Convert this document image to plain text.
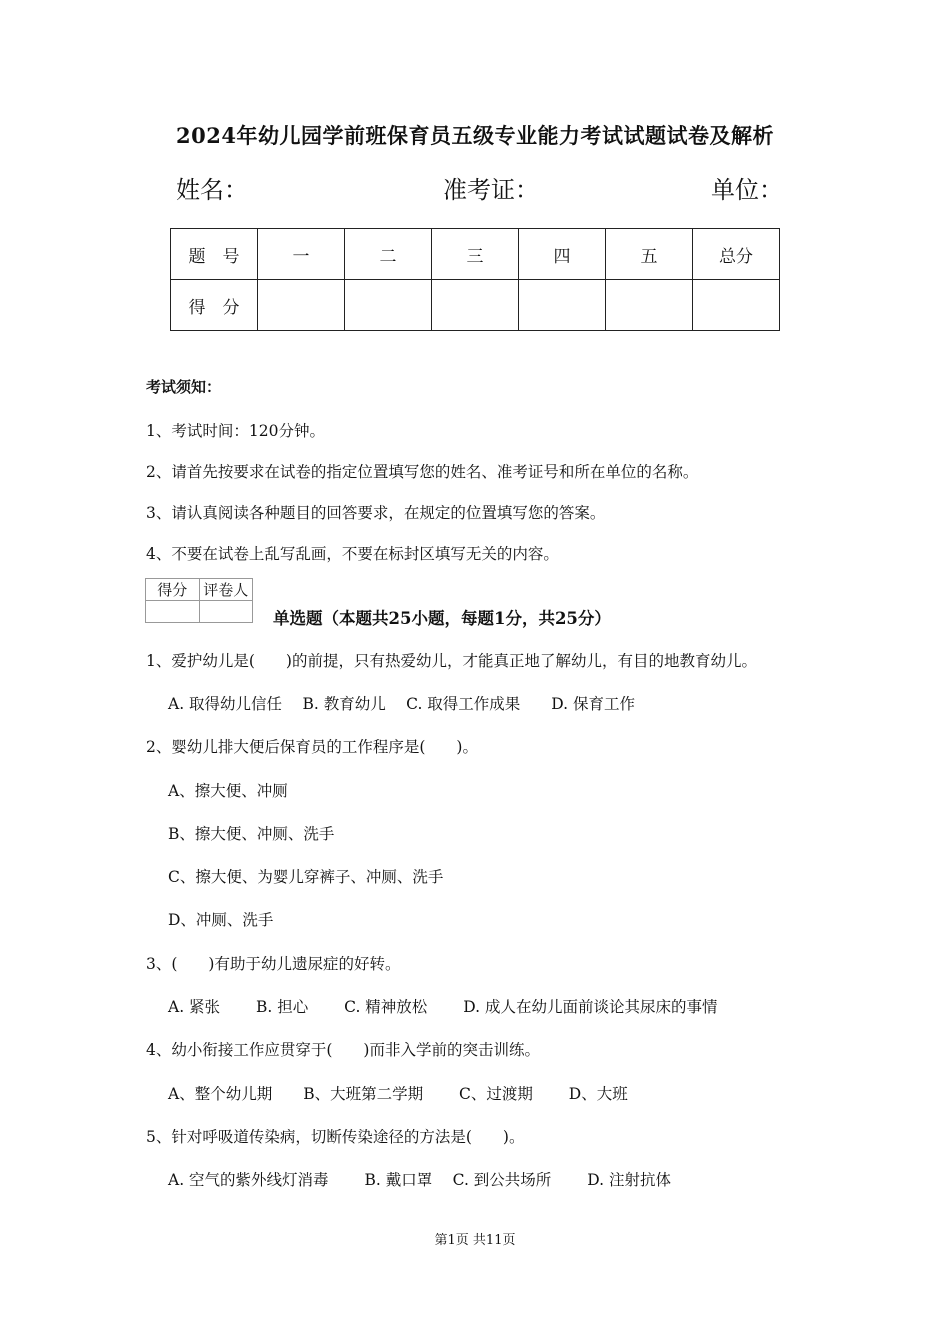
2024年幼儿园学前班保育员五级专业能力考试试题试卷及解析
姓名：	准考证：	单位：
题　号	一	二	三	四	五	总分
得　分						
考试须知：
1、考试时间：120分钟。
2、请首先按要求在试卷的指定位置填写您的姓名、准考证号和所在单位的名称。
3、请认真阅读各种题目的回答要求，在规定的位置填写您的答案。
4、不要在试卷上乱写乱画，不要在标封区填写无关的内容。
得分	评卷人

单选题（本题共25小题，每题1分，共25分）
1、爱护幼儿是(　　)的前提，只有热爱幼儿，才能真正地了解幼儿，有目的地教育幼儿。
A. 取得幼儿信任　 B. 教育幼儿　 C. 取得工作成果　　D. 保育工作
2、婴幼儿排大便后保育员的工作程序是(　　)。
A、擦大便、冲厕
B、擦大便、冲厕、洗手
C、擦大便、为婴儿穿裤子、冲厕、洗手
D、冲厕、洗手
3、(　　)有助于幼儿遗尿症的好转。
A. 紧张　　 B. 担心　　 C. 精神放松　　 D. 成人在幼儿面前谈论其尿床的事情
4、幼小衔接工作应贯穿于(　　)而非入学前的突击训练。
A、整个幼儿期　　B、大班第二学期　　 C、过渡期　　 D、大班
5、针对呼吸道传染病，切断传染途径的方法是(　　)。
A. 空气的紫外线灯消毒　　 B. 戴口罩　 C. 到公共场所　　 D. 注射抗体
第1页 共11页
